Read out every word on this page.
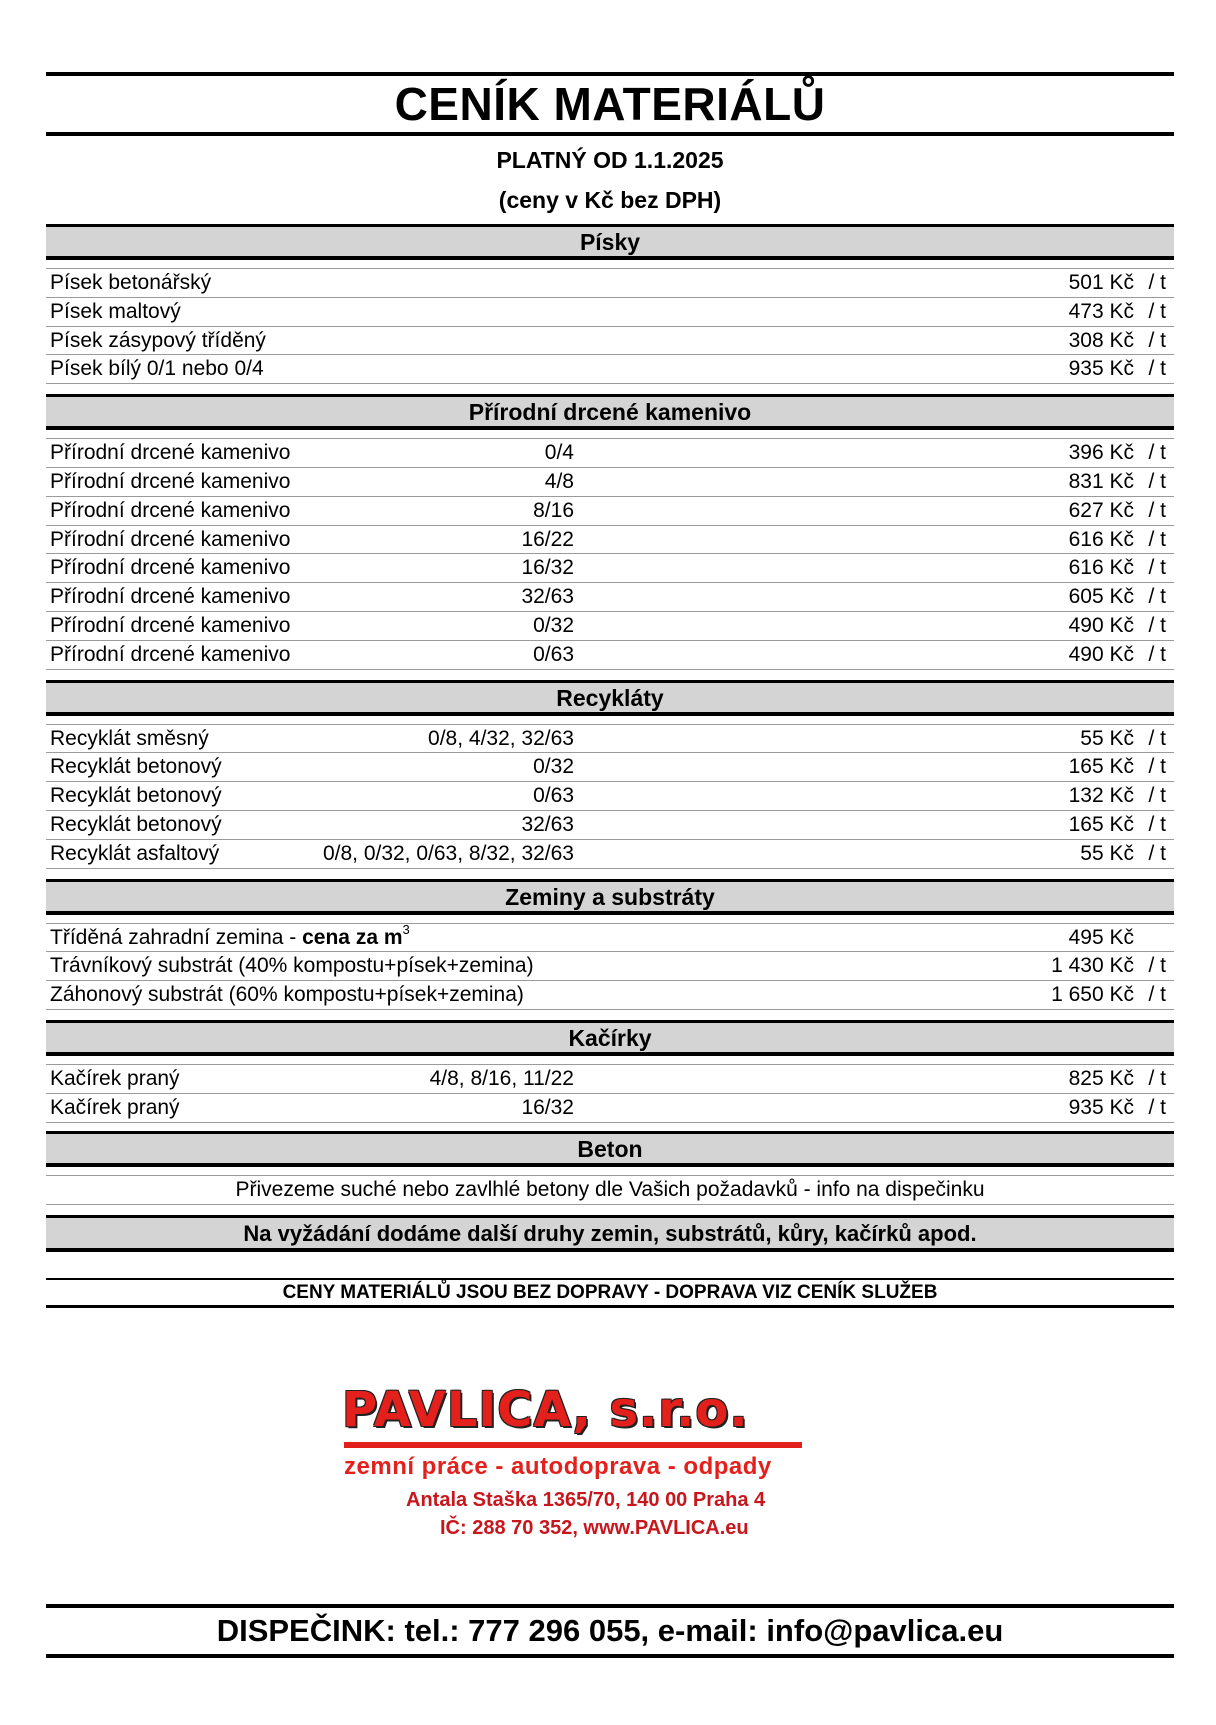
CENÍK MATERIÁLŮ
PLATNÝ OD 1.1.2025
(ceny v Kč bez DPH)
Písky
Písek betonářský	501 Kč / t
Písek maltový	473 Kč / t
Písek zásypový tříděný	308 Kč / t
Písek bílý 0/1 nebo 0/4	935 Kč / t
Přírodní drcené kamenivo
Přírodní drcené kamenivo	0/4	396 Kč / t
Přírodní drcené kamenivo	4/8	831 Kč / t
Přírodní drcené kamenivo	8/16	627 Kč / t
Přírodní drcené kamenivo	16/22	616 Kč / t
Přírodní drcené kamenivo	16/32	616 Kč / t
Přírodní drcené kamenivo	32/63	605 Kč / t
Přírodní drcené kamenivo	0/32	490 Kč / t
Přírodní drcené kamenivo	0/63	490 Kč / t
Recykláty
Recyklát směsný	0/8, 4/32, 32/63	55 Kč / t
Recyklát betonový	0/32	165 Kč / t
Recyklát betonový	0/63	132 Kč / t
Recyklát betonový	32/63	165 Kč / t
Recyklát asfaltový	0/8, 0/32, 0/63, 8/32, 32/63	55 Kč / t
Zeminy a substráty
Tříděná zahradní zemina - cena za $m^3$	495 Kč
Trávníkový substrát (40% kompostu+písek+zemina)	1 430 Kč / t
Záhonový substrát (60% kompostu+písek+zemina)	1 650 Kč / t
Kačírky
Kačírek praný	4/8, 8/16, 11/22	825 Kč / t
Kačírek praný	16/32	935 Kč / t
Beton
Přivezeme suché nebo zavlhlé betony dle Vašich požadavků - info na dispečinku
Na vyžádání dodáme další druhy zemin, substrátů, kůry, kačírků apod.
CENY MATERIÁLŮ JSOU BEZ DOPRAVY - DOPRAVA VIZ CENÍK SLUŽEB
PAVLICA, s.r.o.
zemní práce - autodoprava - odpady
Antala Staška 1365/70, 140 00 Praha 4
IČ: 288 70 352, www.PAVLICA.eu
DISPEČINK: tel.: 777 296 055, e-mail: info@pavlica.eu
